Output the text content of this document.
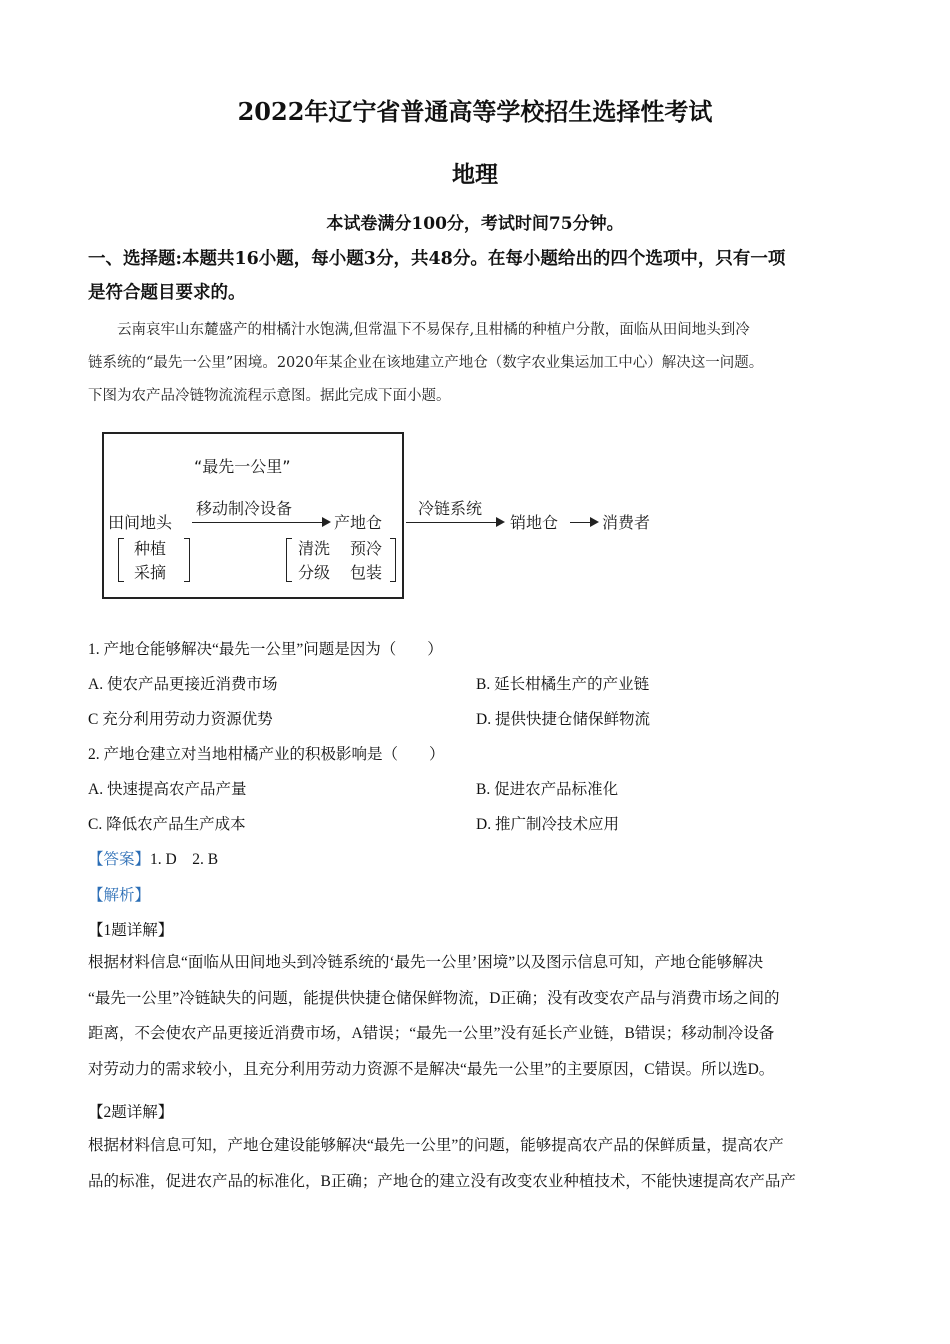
2022年辽宁省普通高等学校招生选择性考试
地理
本试卷满分100分，考试时间75分钟。
一、选择题:本题共16小题，每小题3分，共48分。在每小题给出的四个选项中，只有一项
是符合题目要求的。

云南哀牢山东麓盛产的柑橘汁水饱满,但常温下不易保存,且柑橘的种植户分散，面临从田间地头到冷

链系统的“最先一公里”困境。2020年某企业在该地建立产地仓（数字农业集运加工中心）解决这一问题。

下图为农产品冷链物流流程示意图。据此完成下面小题。

“最先一公里”
田间地头
移动制冷设备
产地仓
种植
采摘
清洗 预冷
分级 包装
冷链系统
销地仓	消费者
1. 产地仓能够解决“最先一公里”问题是因为（　　）
A. 使农产品更接近消费市场	B. 延长柑橘生产的产业链
C 充分利用劳动力资源优势	D. 提供快捷仓储保鲜物流
2. 产地仓建立对当地柑橘产业的积极影响是（　　）
A. 快速提高农产品产量	B. 促进农产品标准化
C. 降低农产品生产成本	D. 推广制冷技术应用
【答案】1. D　2. B
【解析】
【1题详解】

根据材料信息“面临从田间地头到冷链系统的‘最先一公里’困境”以及图示信息可知，产地仓能够解决

“最先一公里”冷链缺失的问题，能提供快捷仓储保鲜物流，D正确；没有改变农产品与消费市场之间的

距离，不会使农产品更接近消费市场，A错误；“最先一公里”没有延长产业链，B错误；移动制冷设备

对劳动力的需求较小，且充分利用劳动力资源不是解决“最先一公里”的主要原因，C错误。所以选D。

【2题详解】

根据材料信息可知，产地仓建设能够解决“最先一公里”的问题，能够提高农产品的保鲜质量，提高农产

品的标准，促进农产品的标准化，B正确；产地仓的建立没有改变农业种植技术，不能快速提高农产品产
